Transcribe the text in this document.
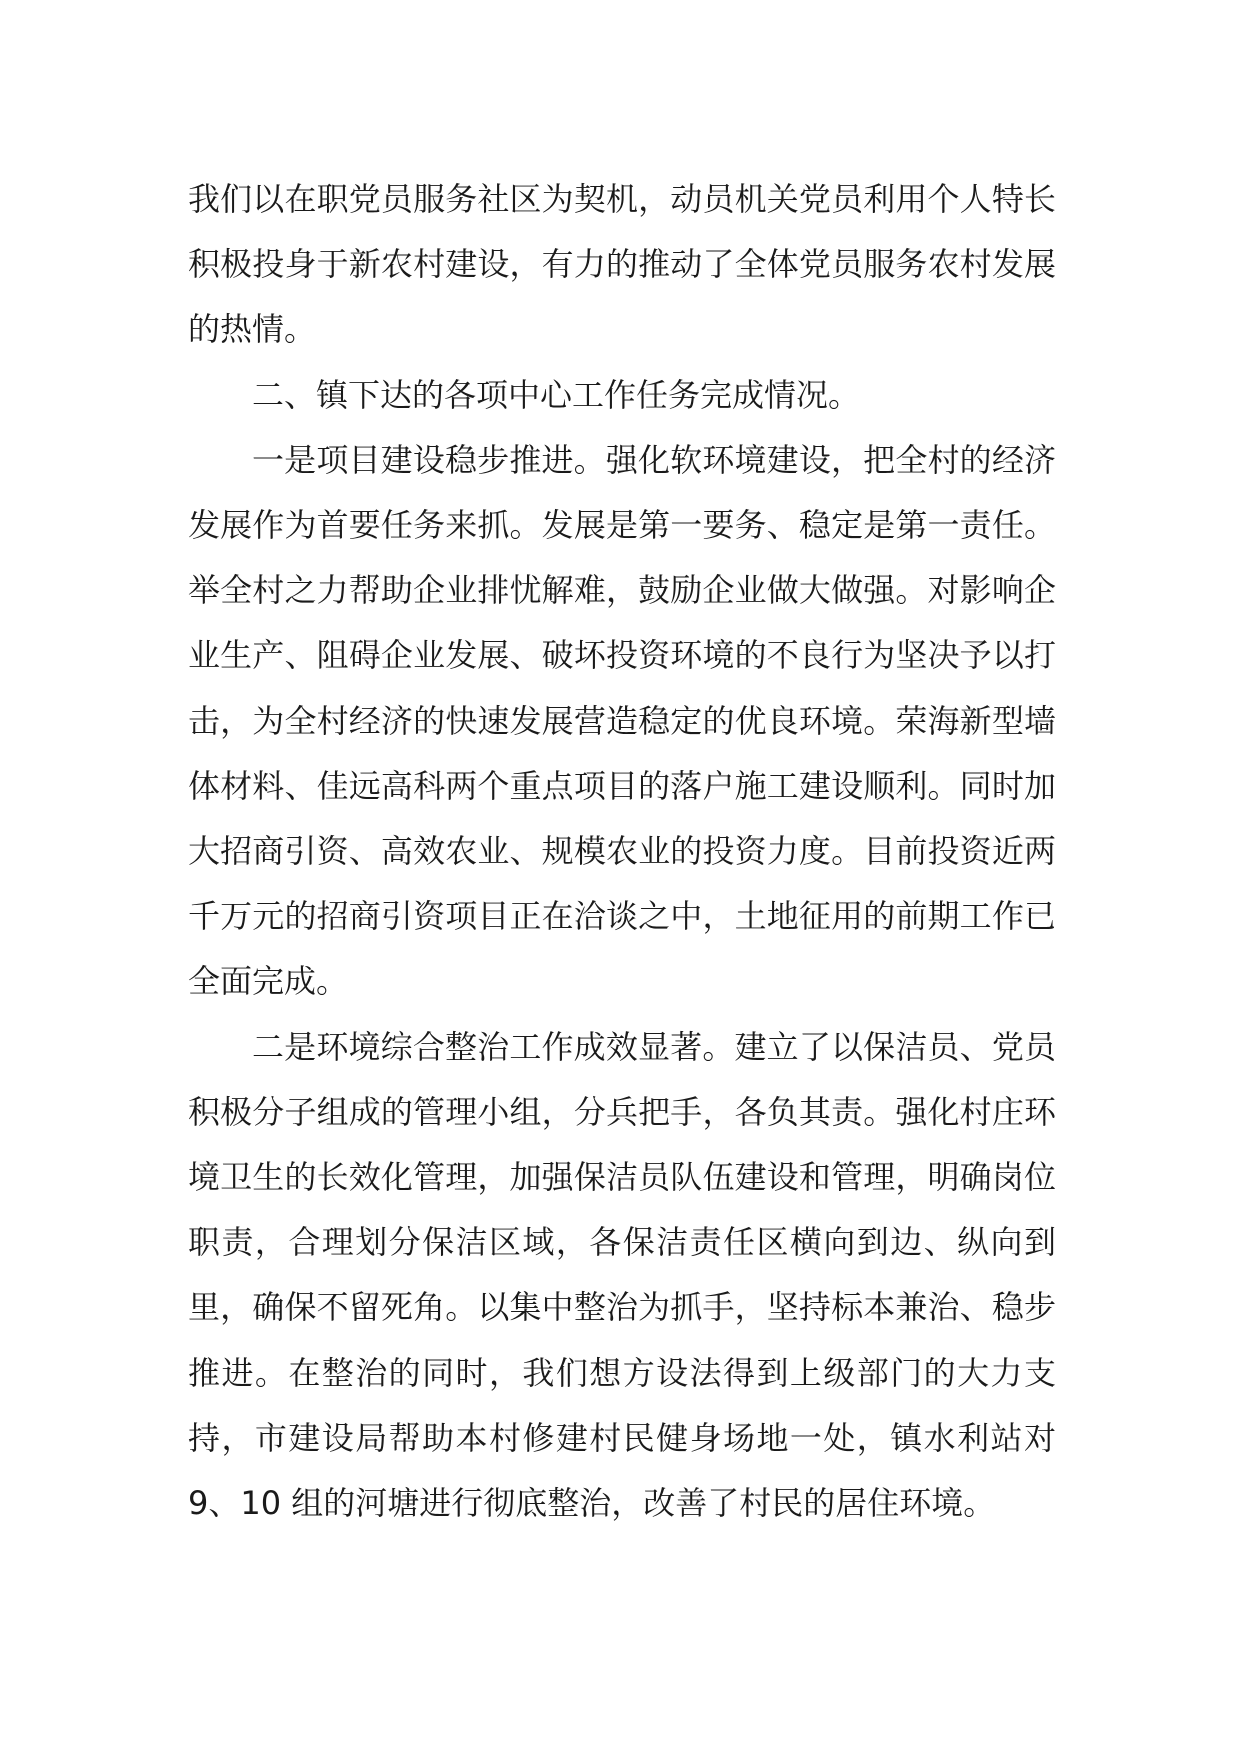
我们以在职党员服务社区为契机，动员机关党员利用个人特长积极投身于新农村建设，有力的推动了全体党员服务农村发展的热情。

二、镇下达的各项中心工作任务完成情况。

一是项目建设稳步推进。强化软环境建设，把全村的经济发展作为首要任务来抓。发展是第一要务、稳定是第一责任。举全村之力帮助企业排忧解难，鼓励企业做大做强。对影响企业生产、阻碍企业发展、破坏投资环境的不良行为坚决予以打击，为全村经济的快速发展营造稳定的优良环境。荣海新型墙体材料、佳远高科两个重点项目的落户施工建设顺利。同时加大招商引资、高效农业、规模农业的投资力度。目前投资近两千万元的招商引资项目正在洽谈之中，土地征用的前期工作已全面完成。

二是环境综合整治工作成效显著。建立了以保洁员、党员积极分子组成的管理小组，分兵把手，各负其责。强化村庄环境卫生的长效化管理，加强保洁员队伍建设和管理，明确岗位职责，合理划分保洁区域，各保洁责任区横向到边、纵向到里，确保不留死角。以集中整治为抓手，坚持标本兼治、稳步推进。在整治的同时，我们想方设法得到上级部门的大力支持，市建设局帮助本村修建村民健身场地一处，镇水利站对 9、10 组的河塘进行彻底整治，改善了村民的居住环境。
